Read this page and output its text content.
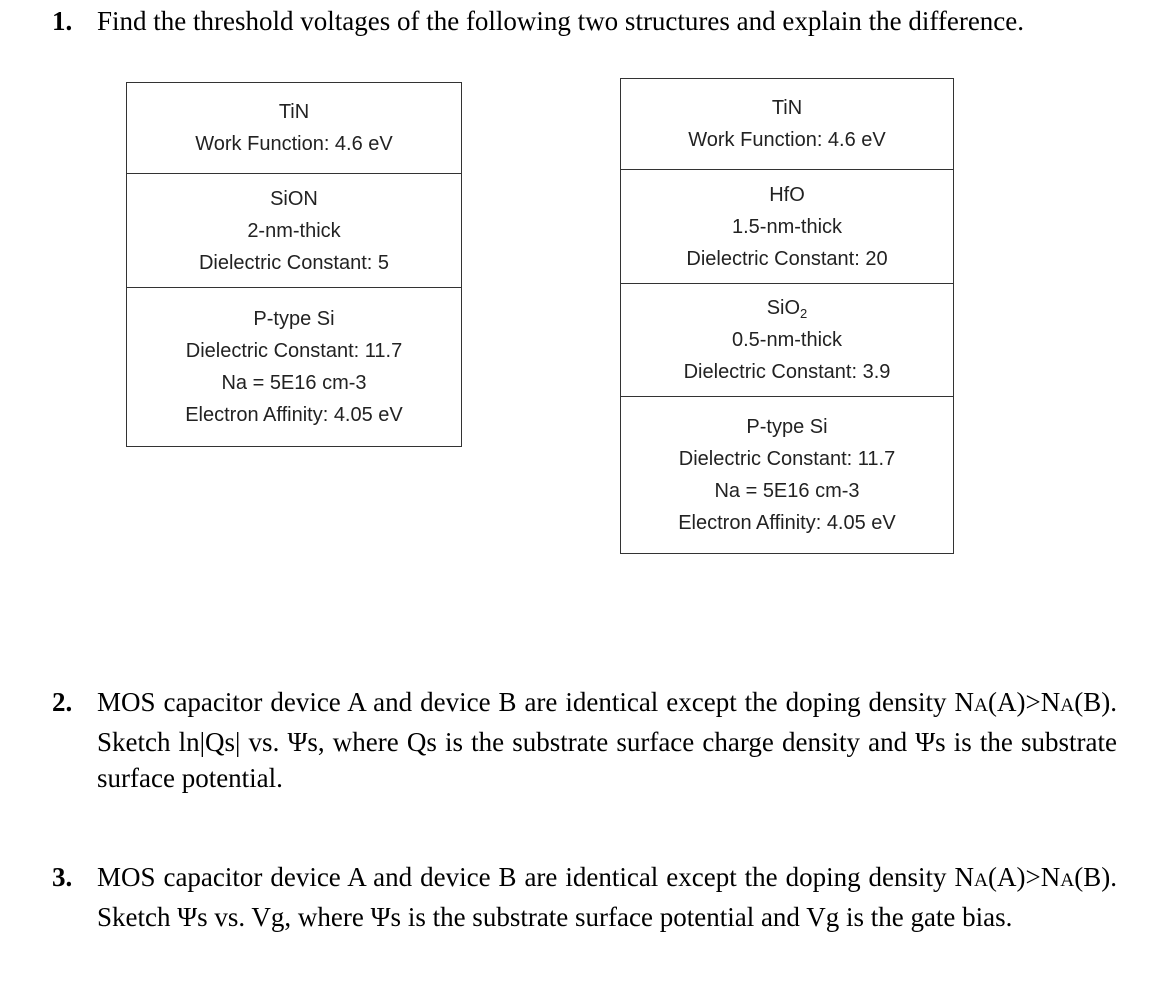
1. Find the threshold voltages of the following two structures and explain the difference.
TiN
Work Function: 4.6 eV
SiON
2-nm-thick
Dielectric Constant: 5
P-type Si
Dielectric Constant: 11.7
Na = 5E16 cm-3
Electron Affinity: 4.05 eV
TiN
Work Function: 4.6 eV
HfO
1.5-nm-thick
Dielectric Constant: 20
SiO$_2$
0.5-nm-thick
Dielectric Constant: 3.9
P-type Si
Dielectric Constant: 11.7
Na = 5E16 cm-3
Electron Affinity: 4.05 eV
2. MOS capacitor device A and device B are identical except the doping density NA(A)>NA(B). Sketch ln|Qs| vs. Ψs, where Qs is the substrate surface charge density and Ψs is the substrate surface potential.
3. MOS capacitor device A and device B are identical except the doping density NA(A)>NA(B). Sketch Ψs vs. Vg, where Ψs is the substrate surface potential and Vg is the gate bias.
